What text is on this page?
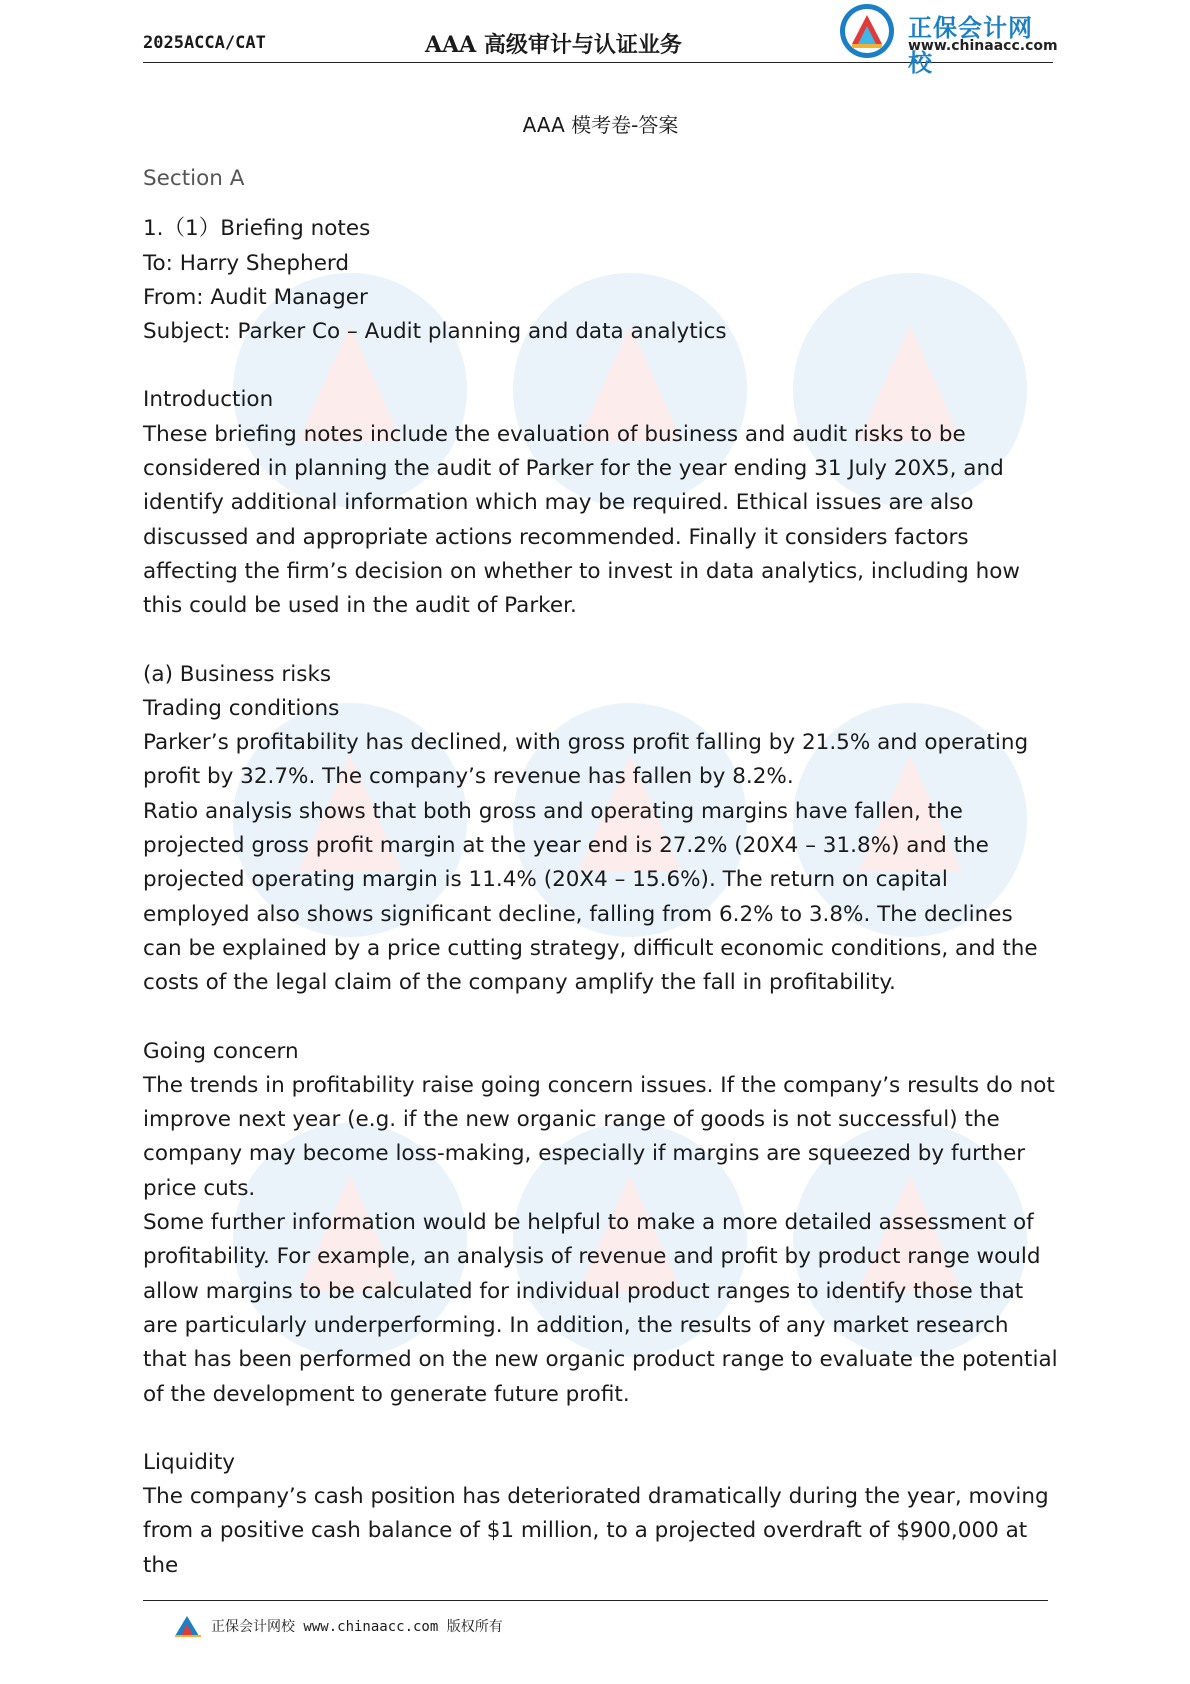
2025ACCA/CAT	AAA 高级审计与认证业务
正保会计网校
www.chinaacc.com
AAA 模考卷-答案
Section A

1.（1）Briefing notes

To: Harry Shepherd

From: Audit Manager

Subject: Parker Co – Audit planning and data analytics

Introduction

These briefing notes include the evaluation of business and audit risks to be considered in planning the audit of Parker for the year ending 31 July 20X5, and identify additional information which may be required. Ethical issues are also discussed and appropriate actions recommended. Finally it considers factors affecting the firm’s decision on whether to invest in data analytics, including how this could be used in the audit of Parker.

(a) Business risks

Trading conditions

Parker’s profitability has declined, with gross profit falling by 21.5% and operating profit by 32.7%. The company’s revenue has fallen by 8.2%.

Ratio analysis shows that both gross and operating margins have fallen, the projected gross profit margin at the year end is 27.2% (20X4 – 31.8%) and the projected operating margin is 11.4% (20X4 – 15.6%). The return on capital employed also shows significant decline, falling from 6.2% to 3.8%. The declines can be explained by a price cutting strategy, difficult economic conditions, and the costs of the legal claim of the company amplify the fall in profitability.

Going concern

The trends in profitability raise going concern issues. If the company’s results do not improve next year (e.g. if the new organic range of goods is not successful) the company may become loss-making, especially if margins are squeezed by further price cuts.

Some further information would be helpful to make a more detailed assessment of profitability. For example, an analysis of revenue and profit by product range would allow margins to be calculated for individual product ranges to identify those that are particularly underperforming. In addition, the results of any market research that has been performed on the new organic product range to evaluate the potential of the development to generate future profit.

Liquidity

The company’s cash position has deteriorated dramatically during the year, moving from a positive cash balance of $1 million, to a projected overdraft of $900,000 at the

正保会计网校 www.chinaacc.com 版权所有
